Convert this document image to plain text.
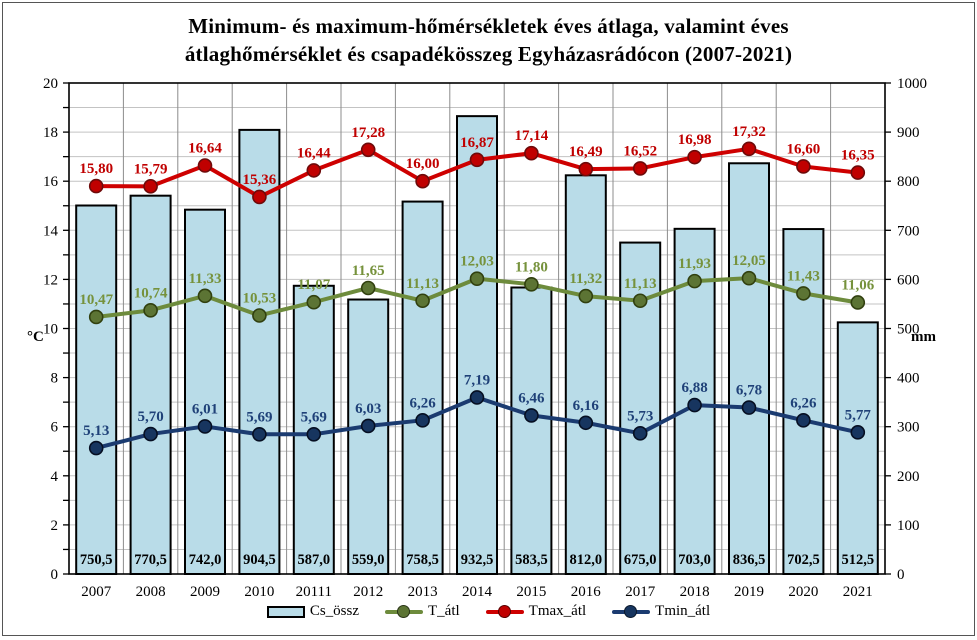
Minimum- és maximum-hőmérsékletek éves átlaga, valamint éves
átlaghőmérséklet és csapadékösszeg Egyházasrádócon (2007-2021)
0
2
4
6
8
10
12
14
16
18
20
0
100
200
300
400
500
600
700
800
900
1000
2007 2008 2009 2010 20111 2012 2013 2014 2015 2016 2017 2018 2019 2020 2021
10,47 10,74
11,33
10,53
11,07
11,65
11,13
12,03 11,80
11,32 11,13
11,93 12,05
11,43
11,06
15,80 15,79
16,64
15,36
16,44
17,28
16,00
16,87 17,14
16,49 16,52
16,98
17,32
16,60 16,35
5,13
5,70 6,01 5,69 5,69
6,03 6,26
7,19
6,46 6,16
5,73
6,88 6,78
6,26
5,77
750,5 770,5 742,0 904,5 587,0 559,0 758,5 932,5 583,5 812,0 675,0 703,0 836,5 702,5 512,5
°C	mm
Cs_össz	T_átl	Tmax_átl	Tmin_átl
